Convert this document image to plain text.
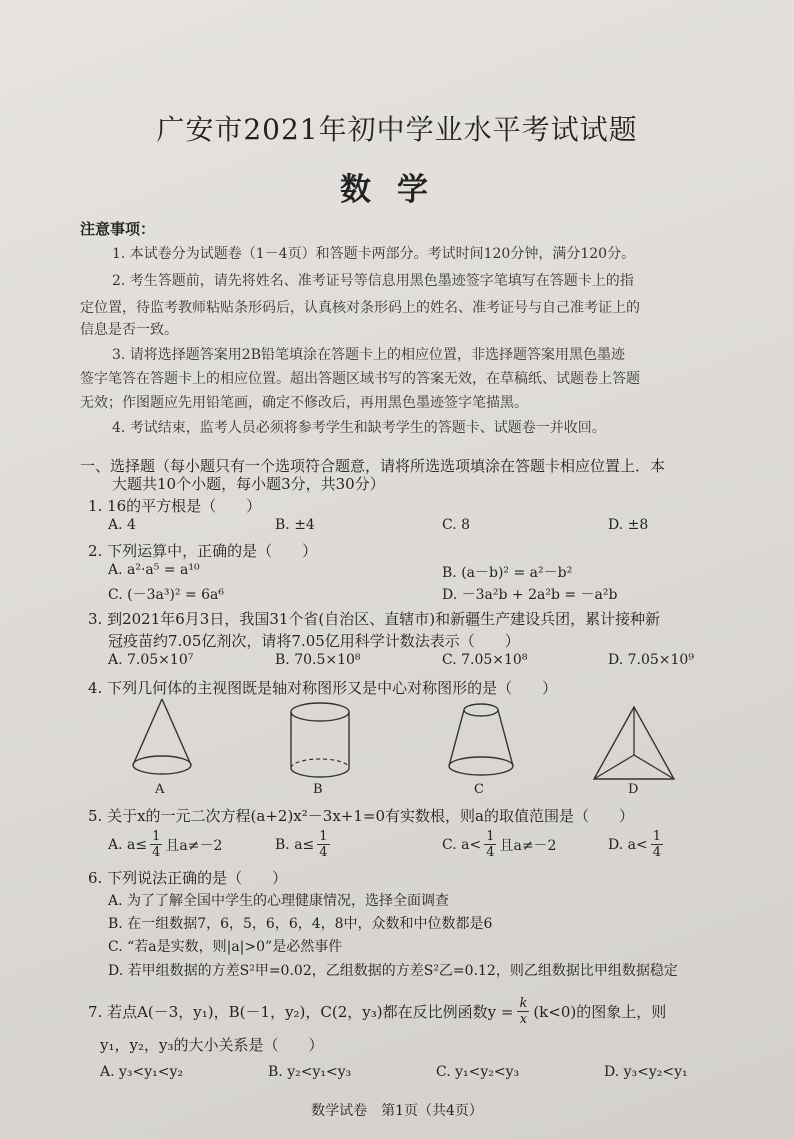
广安市2021年初中学业水平考试试题
数学
注意事项：
1. 本试卷分为试题卷（1－4页）和答题卡两部分。考试时间120分钟，满分120分。
2. 考生答题前，请先将姓名、准考证号等信息用黑色墨迹签字笔填写在答题卡上的指
定位置，待监考教师粘贴条形码后，认真核对条形码上的姓名、准考证号与自己准考证上的
信息是否一致。
3. 请将选择题答案用2B铅笔填涂在答题卡上的相应位置，非选择题答案用黑色墨迹
签字笔答在答题卡上的相应位置。超出答题区域书写的答案无效，在草稿纸、试题卷上答题
无效；作图题应先用铅笔画，确定不修改后，再用黑色墨迹签字笔描黑。
4. 考试结束，监考人员必须将参考学生和缺考学生的答题卡、试题卷一并收回。
一、选择题（每小题只有一个选项符合题意，请将所选选项填涂在答题卡相应位置上．本
大题共10个小题，每小题3分，共30分）
1. 16的平方根是（　　）
A. 4	B. ±4	C. 8	D. ±8
2. 下列运算中，正确的是（　　）
A. a²·a⁵ = a¹⁰	B. (a－b)² = a²－b²
C. (－3a³)² = 6a⁶	D. －3a²b + 2a²b = －a²b
3. 到2021年6月3日，我国31个省(自治区、直辖市)和新疆生产建设兵团，累计接种新
冠疫苗约7.05亿剂次，请将7.05亿用科学计数法表示（　　）
A. 7.05×10⁷	B. 70.5×10⁸	C. 7.05×10⁸	D. 7.05×10⁹
4. 下列几何体的主视图既是轴对称图形又是中心对称图形的是（　　）
A	B	C	D
5. 关于x的一元二次方程(a+2)x²－3x+1=0有实数根，则a的取值范围是（　　）
A. $a\le \frac{1}{4}$ 且a≠－2	B. $a\le \frac{1}{4}$	C. $a< \frac{1}{4}$ 且a≠－2	D. $a< \frac{1}{4}$
6. 下列说法正确的是（　　）
A. 为了了解全国中学生的心理健康情况，选择全面调查
B. 在一组数据7，6，5，6，6，4，8中，众数和中位数都是6
C. “若a是实数，则|a|>0”是必然事件
D. 若甲组数据的方差S²甲=0.02，乙组数据的方差S²乙=0.12，则乙组数据比甲组数据稳定
7. 若点A(－3，y₁)，B(－1，y₂)，C(2，y₃)都在反比例函数$y = \frac{k}{x} (k<0)$的图象上，则
y₁，y₂，y₃的大小关系是（　　）
A. y₃<y₁<y₂	B. y₂<y₁<y₃	C. y₁<y₂<y₃	D. y₃<y₂<y₁
数学试卷　第1页（共4页）
